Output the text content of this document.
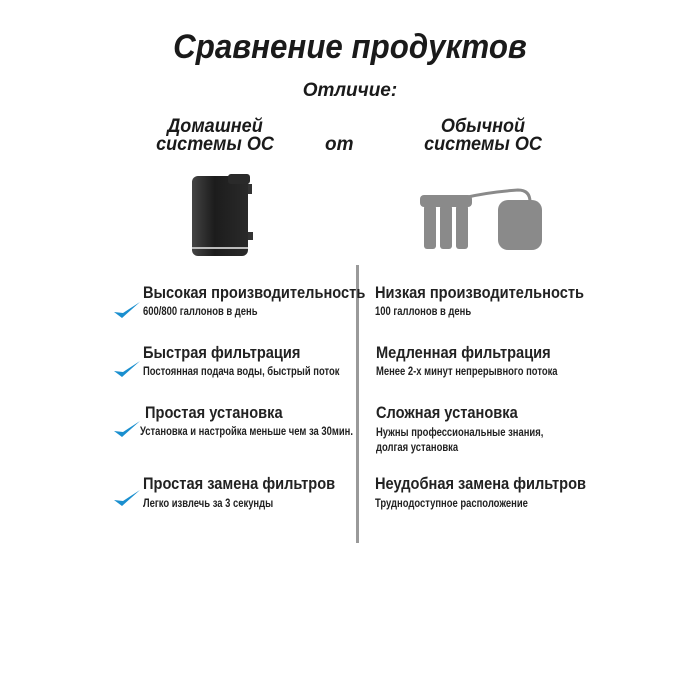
Сравнение продуктов
Отличие:
Домашней
системы ОС	от
Обычной
системы ОС
Высокая производительность
600/800 галлонов в день
Быстрая фильтрация
Постоянная подача воды, быстрый поток
Простая установка
Установка и настройка меньше чем за 30мин.
Простая замена фильтров
Легко извлечь за 3 секунды
Низкая производительность
100 галлонов в день
Медленная фильтрация
Менее 2-х минут непрерывного потока
Сложная установка
Нужны профессиональные знания,
долгая установка
Неудобная замена фильтров
Труднодоступное расположение
